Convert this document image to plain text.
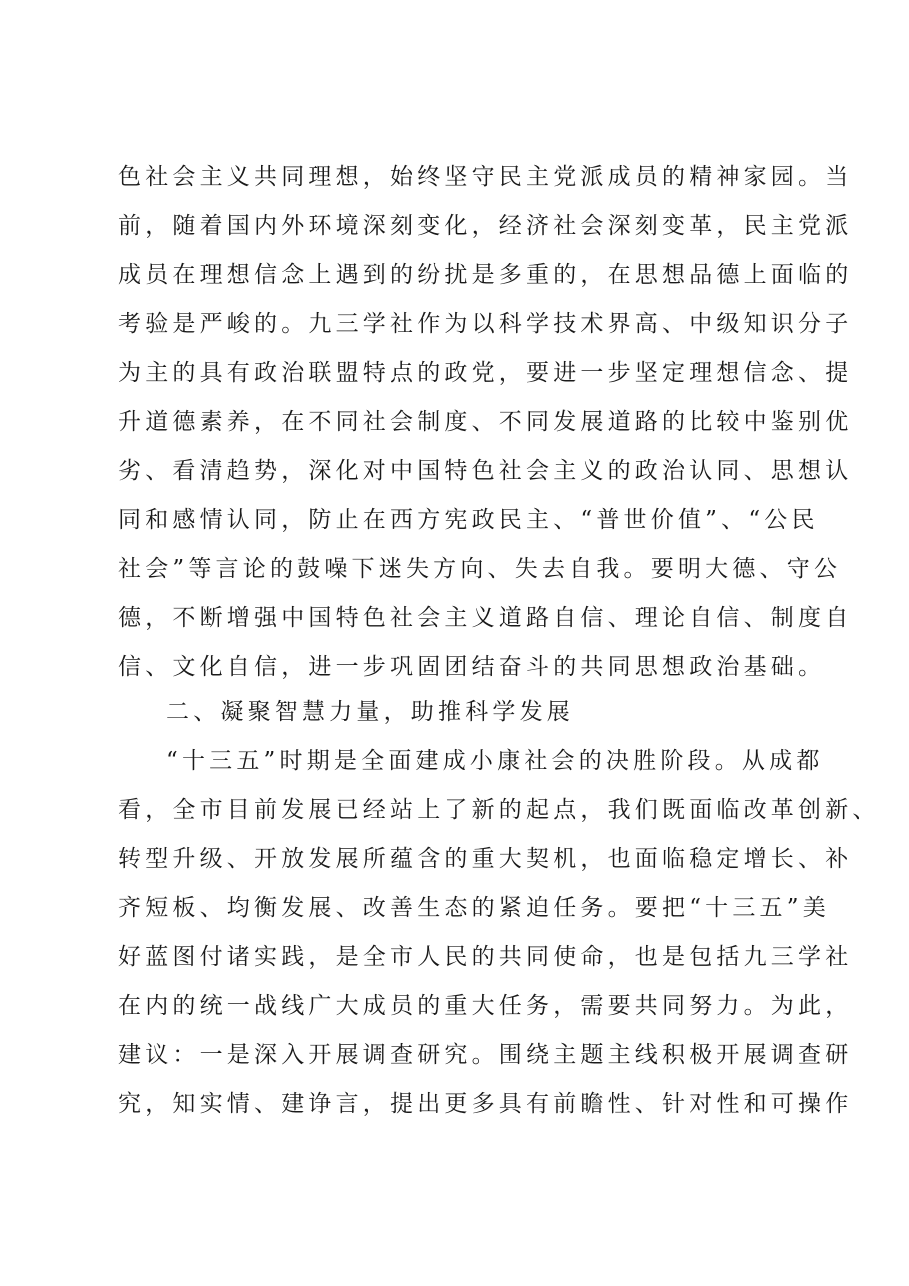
色社会主义共同理想，始终坚守民主党派成员的精神家园。当
前，随着国内外环境深刻变化，经济社会深刻变革，民主党派
成员在理想信念上遇到的纷扰是多重的，在思想品德上面临的
考验是严峻的。九三学社作为以科学技术界高、中级知识分子
为主的具有政治联盟特点的政党，要进一步坚定理想信念、提
升道德素养，在不同社会制度、不同发展道路的比较中鉴别优
劣、看清趋势，深化对中国特色社会主义的政治认同、思想认
同和感情认同，防止在西方宪政民主、“普世价值”、“公民
社会”等言论的鼓噪下迷失方向、失去自我。要明大德、守公
德，不断增强中国特色社会主义道路自信、理论自信、制度自
信、文化自信，进一步巩固团结奋斗的共同思想政治基础。
二、凝聚智慧力量，助推科学发展
“十三五”时期是全面建成小康社会的决胜阶段。从成都
看，全市目前发展已经站上了新的起点，我们既面临改革创新、
转型升级、开放发展所蕴含的重大契机，也面临稳定增长、补
齐短板、均衡发展、改善生态的紧迫任务。要把“十三五”美
好蓝图付诸实践，是全市人民的共同使命，也是包括九三学社
在内的统一战线广大成员的重大任务，需要共同努力。为此，
建议：一是深入开展调查研究。围绕主题主线积极开展调查研
究，知实情、建诤言，提出更多具有前瞻性、针对性和可操作
